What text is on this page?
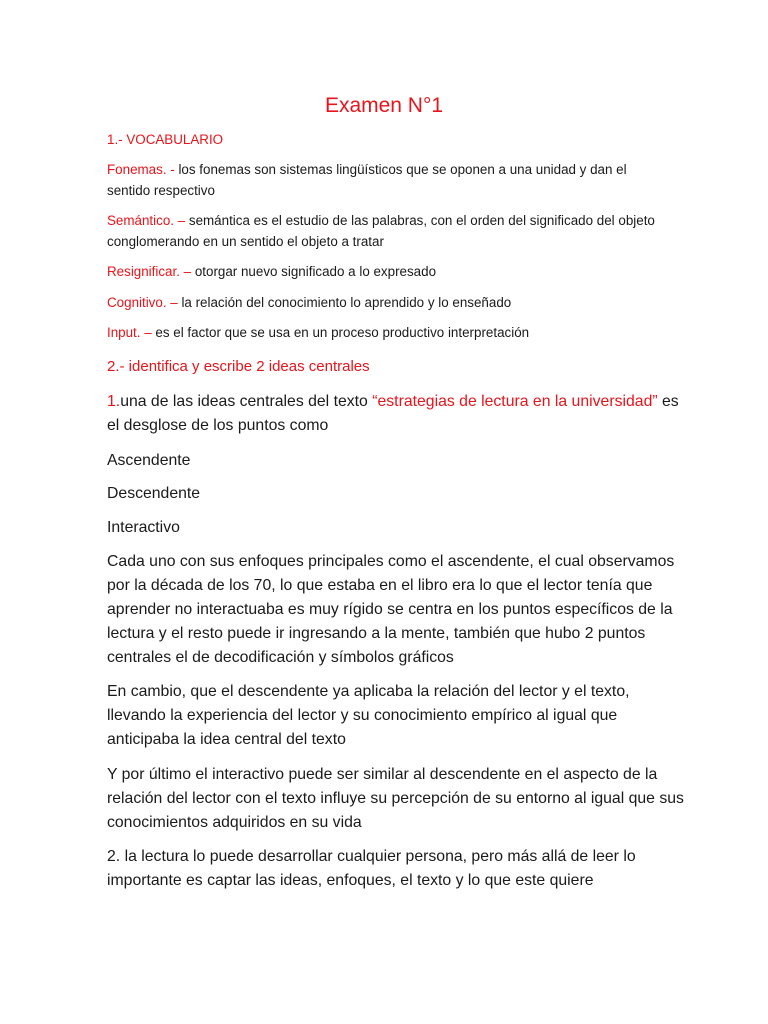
Examen N°1
1.- VOCABULARIO
Fonemas. - los fonemas son sistemas lingüísticos que se oponen a una unidad y dan el sentido respectivo
Semántico. – semántica es el estudio de las palabras, con el orden del significado del objeto conglomerando en un sentido el objeto a tratar
Resignificar. – otorgar nuevo significado a lo expresado
Cognitivo. – la relación del conocimiento lo aprendido y lo enseñado
Input. – es el factor que se usa en un proceso productivo interpretación
2.- identifica y escribe 2 ideas centrales
1.una de las ideas centrales del texto “estrategias de lectura en la universidad” es el desglose de los puntos como
Ascendente
Descendente
Interactivo
Cada uno con sus enfoques principales como el ascendente, el cual observamos por la década de los 70, lo que estaba en el libro era lo que el lector tenía que aprender no interactuaba es muy rígido se centra en los puntos específicos de la lectura y el resto puede ir ingresando a la mente, también que hubo 2 puntos centrales el de decodificación y símbolos gráficos
En cambio, que el descendente ya aplicaba la relación del lector y el texto, llevando la experiencia del lector y su conocimiento empírico al igual que anticipaba la idea central del texto
Y por último el interactivo puede ser similar al descendente en el aspecto de la relación del lector con el texto influye su percepción de su entorno al igual que sus conocimientos adquiridos en su vida
2. la lectura lo puede desarrollar cualquier persona, pero más allá de leer lo importante es captar las ideas, enfoques, el texto y lo que este quiere
